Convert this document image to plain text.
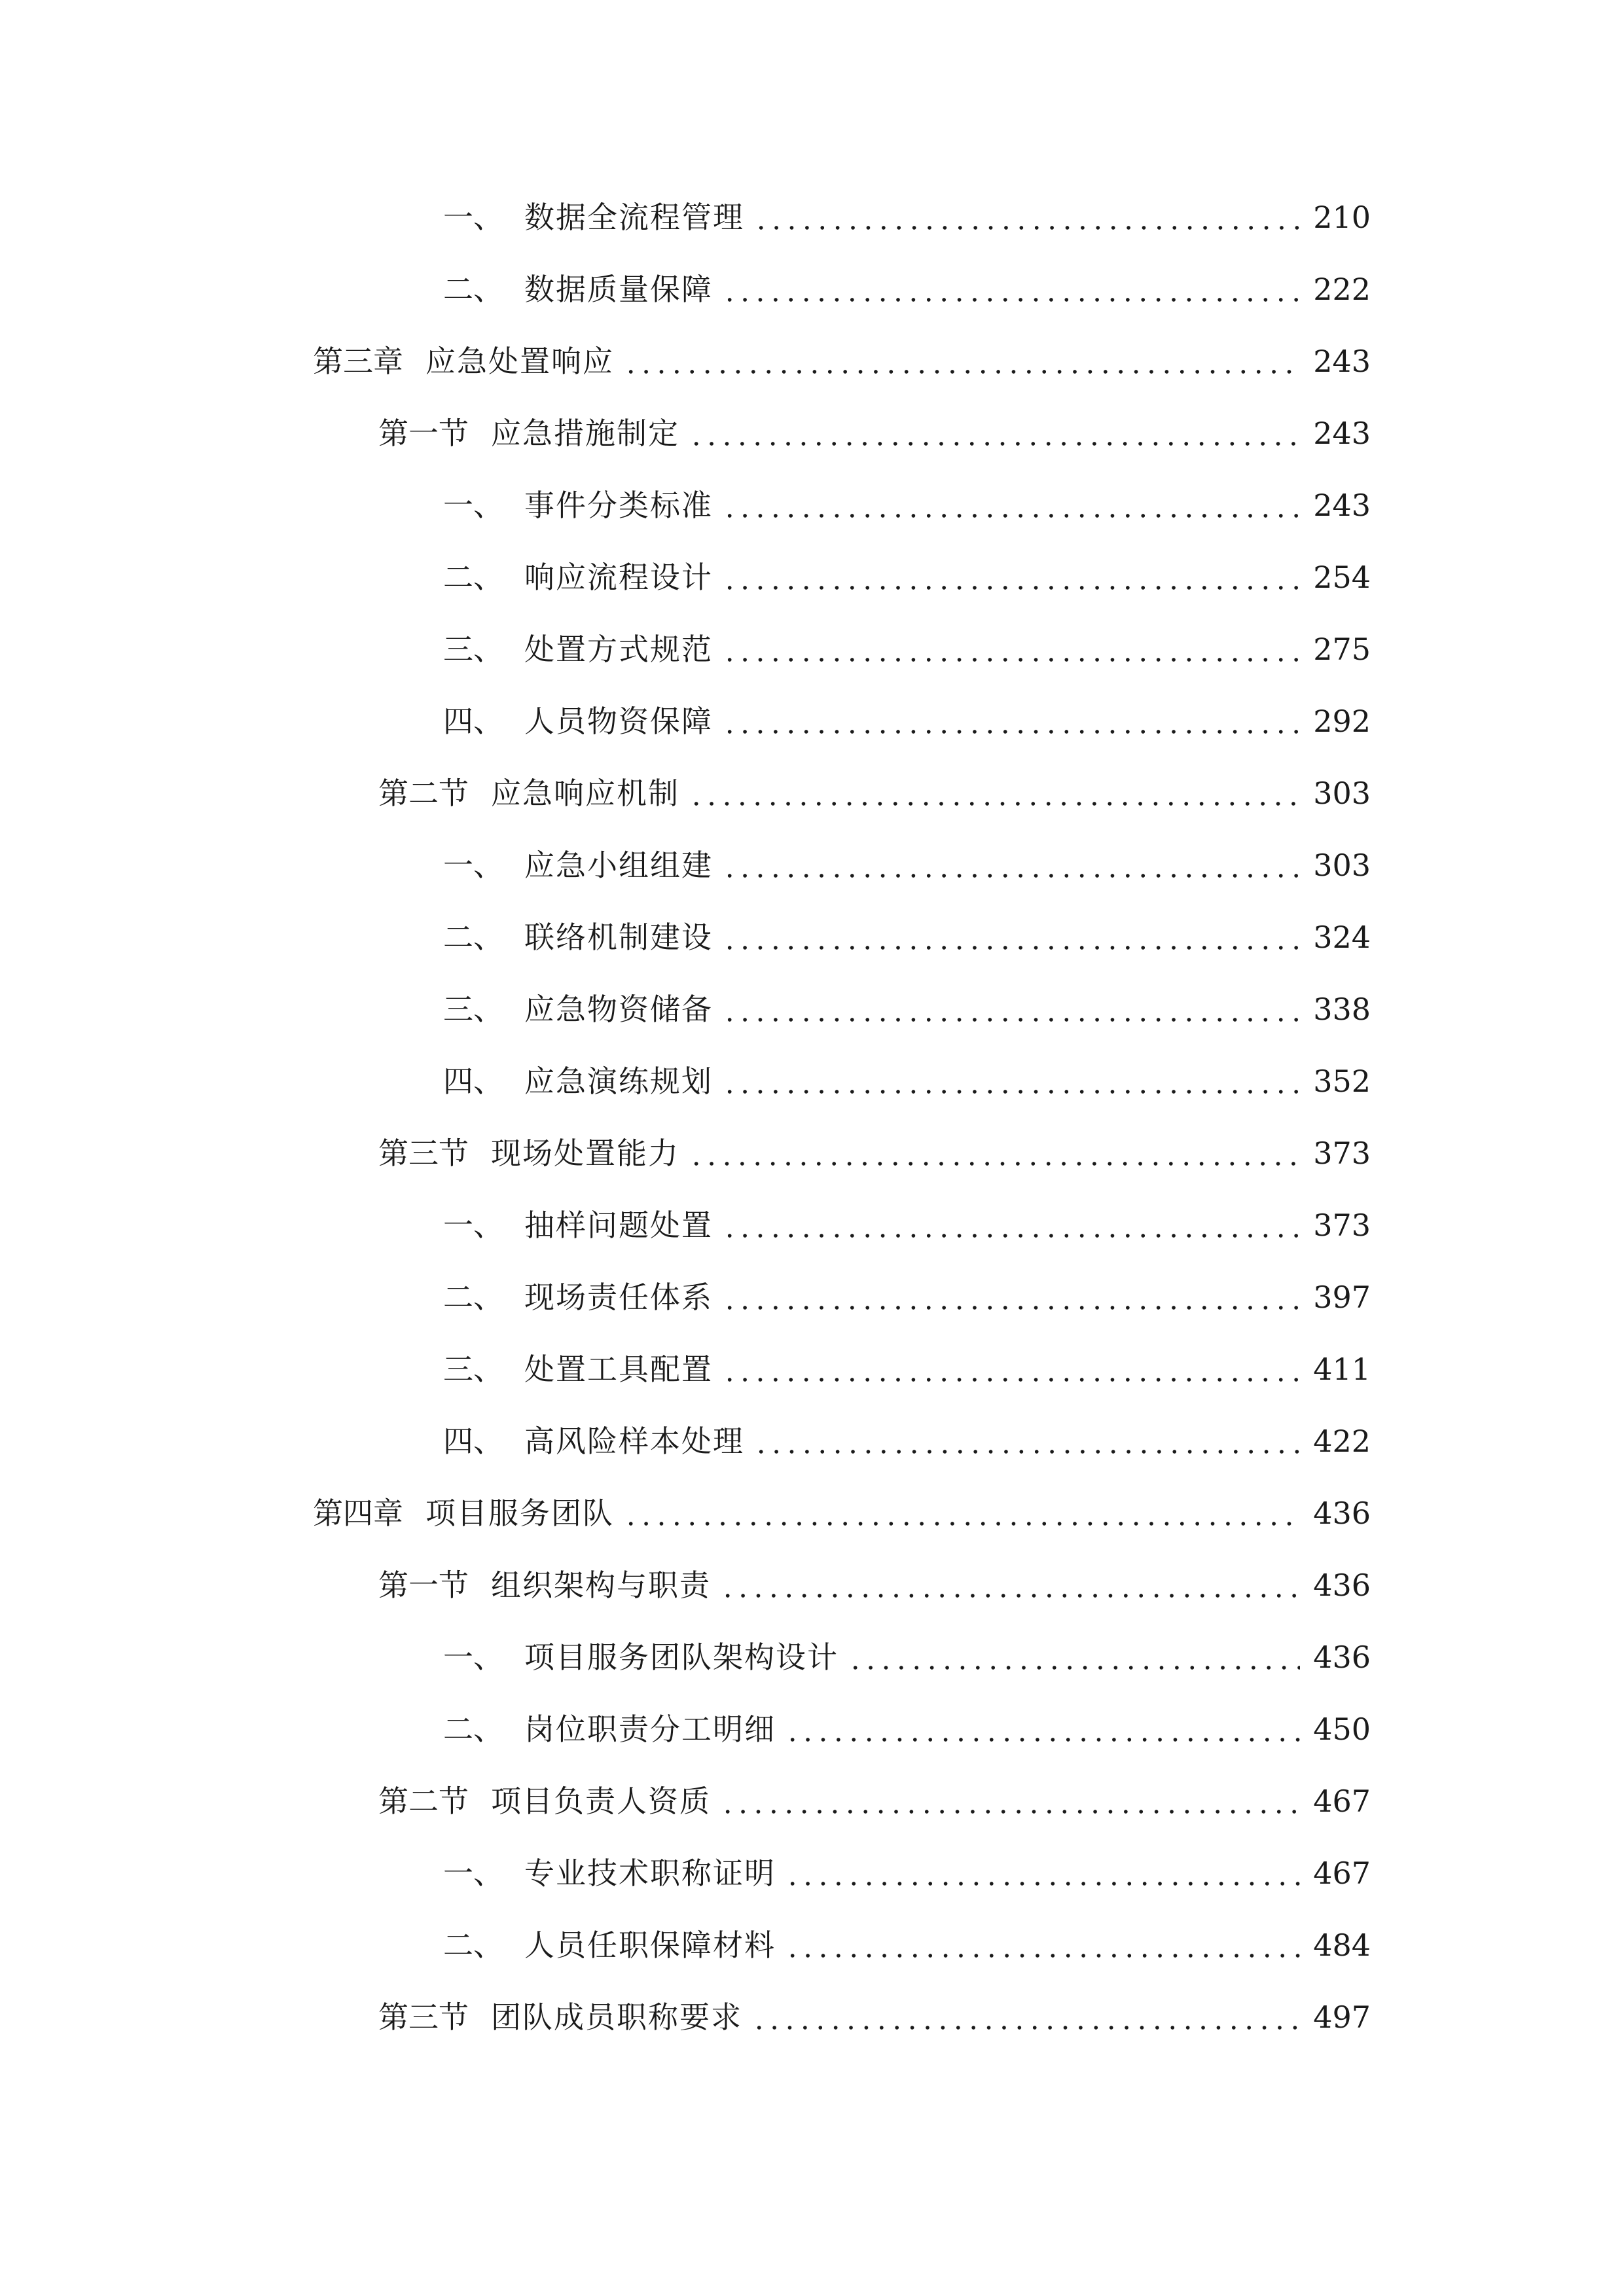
一、 数据全流程管理	210
二、 数据质量保障	222
第三章 应急处置响应	243
第一节 应急措施制定	243
一、 事件分类标准	243
二、 响应流程设计	254
三、 处置方式规范	275
四、 人员物资保障	292
第二节 应急响应机制	303
一、 应急小组组建	303
二、 联络机制建设	324
三、 应急物资储备	338
四、 应急演练规划	352
第三节 现场处置能力	373
一、 抽样问题处置	373
二、 现场责任体系	397
三、 处置工具配置	411
四、 高风险样本处理	422
第四章 项目服务团队	436
第一节 组织架构与职责	436
一、 项目服务团队架构设计	436
二、 岗位职责分工明细	450
第二节 项目负责人资质	467
一、 专业技术职称证明	467
二、 人员任职保障材料	484
第三节 团队成员职称要求	497
